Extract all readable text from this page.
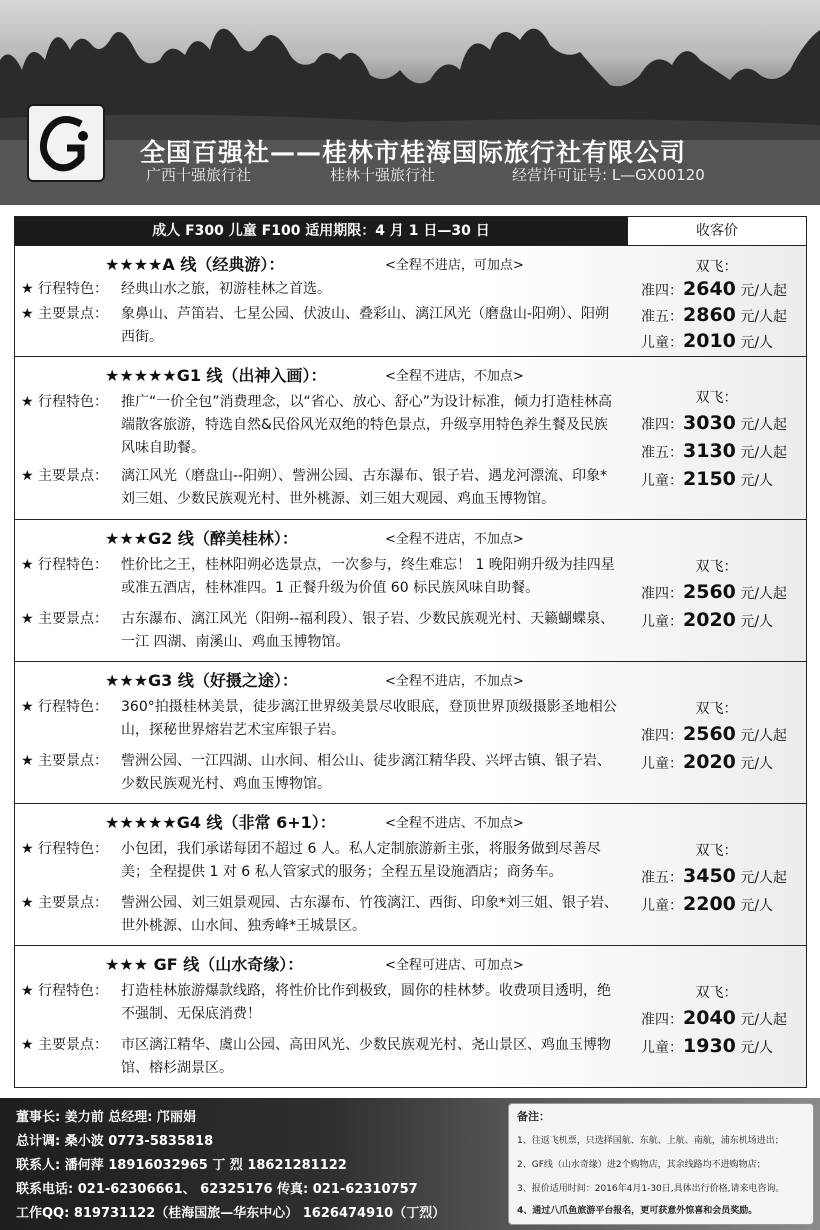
全国百强社——桂林市桂海国际旅行社有限公司
广西十强旅行社	桂林十强旅行社	经营许可证号: L—GX00120
成人 F300 儿童 F100 适用期限：4 月 1 日—30 日	收客价
★★★★A 线（经典游）：	<全程不进店，可加点>
★ 行程特色： 经典山水之旅，初游桂林之首选。
★ 主要景点： 象鼻山、芦笛岩、七星公园、伏波山、叠彩山、漓江风光（磨盘山-阳朔）、阳朔西街。
双飞：
准四：2640 元/人起
准五：2860 元/人起
儿童：2010 元/人
★★★★★G1 线（出神入画）：	<全程不进店，不加点>
★ 行程特色： 推广“一价全包”消费理念，以“省心、放心、舒心”为设计标准，倾力打造桂林高端散客旅游，特选自然&民俗风光双绝的特色景点，升级享用特色养生餐及民族风味自助餐。
★ 主要景点： 漓江风光（磨盘山--阳朔）、訾洲公园、古东瀑布、银子岩、遇龙河漂流、印象*刘三姐、少数民族观光村、世外桃源、刘三姐大观园、鸡血玉博物馆。
双飞：
准四：3030 元/人起
准五：3130 元/人起
儿童：2150 元/人
★★★G2 线（醉美桂林）：	<全程不进店，不加点>
★ 行程特色： 性价比之王，桂林阳朔必选景点，一次参与，终生难忘！ 1 晚阳朔升级为挂四星或准五酒店，桂林准四。1 正餐升级为价值 60 标民族风味自助餐。
★ 主要景点： 古东瀑布、漓江风光（阳朔--福利段）、银子岩、少数民族观光村、天籁蝴蝶泉、一江 四湖、南溪山、鸡血玉博物馆。
双飞：
准四：2560 元/人起
儿童：2020 元/人
★★★G3 线（好摄之途）：	<全程不进店，不加点>
★ 行程特色： 360°拍摄桂林美景，徒步漓江世界级美景尽收眼底，登顶世界顶级摄影圣地相公山，探秘世界熔岩艺术宝库银子岩。
★ 主要景点： 訾洲公园、一江四湖、山水间、相公山、徒步漓江精华段、兴坪古镇、银子岩、少数民族观光村、鸡血玉博物馆。
双飞：
准四：2560 元/人起
儿童：2020 元/人
★★★★★G4 线（非常 6+1）：	<全程不进店、不加点>
★ 行程特色： 小包团，我们承诺每团不超过 6 人。私人定制旅游新主张，将服务做到尽善尽美；全程提供 1 对 6 私人管家式的服务；全程五星设施酒店；商务车。
★ 主要景点： 訾洲公园、刘三姐景观园、古东瀑布、竹筏漓江、西街、印象*刘三姐、银子岩、世外桃源、山水间、独秀峰*王城景区。
双飞：
准五：3450 元/人起
儿童：2200 元/人
★★★ GF 线（山水奇缘）：	<全程可进店、可加点>
★ 行程特色： 打造桂林旅游爆款线路，将性价比作到极致，圆你的桂林梦。收费项目透明，绝不强制、无保底消费！
★ 主要景点： 市区漓江精华、虞山公园、高田风光、少数民族观光村、尧山景区、鸡血玉博物馆、榕杉湖景区。
双飞：
准四：2040 元/人起
儿童：1930 元/人
董事长: 姜力前 总经理: 邝丽娟
总计调: 桑小波 0773-5835818
联系人: 潘何萍 18916032965 丁 烈 18621281122
联系电话: 021-62306661、 62325176 传真: 021-62310757
工作QQ: 819731122（桂海国旅—华东中心） 1626474910（丁烈）
备注：
1、往返飞机票，只选择国航、东航、上航、南航，浦东机场进出；
2、GF线（山水奇缘）进2个购物店，其余线路均不进购物店；
3、报价适用时间：2016年4月1-30日,具体出行价格,请来电咨询。
4、通过八爪鱼旅游平台报名，更可获意外惊喜和会员奖励。
